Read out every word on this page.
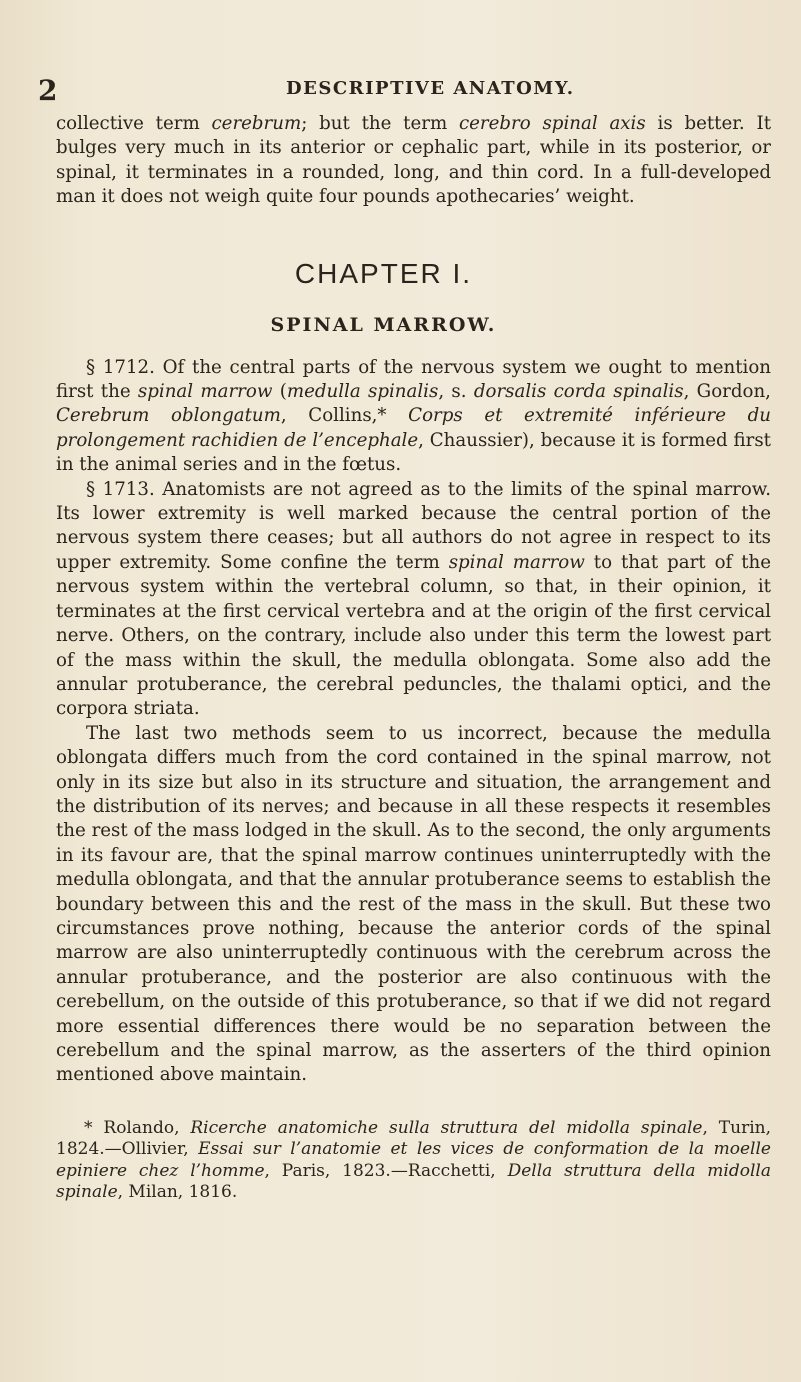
2	DESCRIPTIVE ANATOMY.

collective term cerebrum; but the term cerebro spinal axis is better. It bulges very much in its anterior or cephalic part, while in its posterior, or spinal, it terminates in a rounded, long, and thin cord. In a full-developed man it does not weigh quite four pounds apothecaries’ weight.

CHAPTER I.
SPINAL MARROW.

§ 1712. Of the central parts of the nervous system we ought to mention first the spinal marrow (medulla spinalis, s. dorsalis corda spinalis, Gordon, Cerebrum oblongatum, Collins,* Corps et extremité inférieure du prolongement rachidien de l’encephale, Chaussier), because it is formed first in the animal series and in the fœtus.

§ 1713. Anatomists are not agreed as to the limits of the spinal marrow. Its lower extremity is well marked because the central portion of the nervous system there ceases; but all authors do not agree in respect to its upper extremity. Some confine the term spinal marrow to that part of the nervous system within the vertebral column, so that, in their opinion, it terminates at the first cervical vertebra and at the origin of the first cervical nerve. Others, on the contrary, include also under this term the lowest part of the mass within the skull, the medulla oblongata. Some also add the annular protuberance, the cerebral peduncles, the thalami optici, and the corpora striata.

The last two methods seem to us incorrect, because the medulla oblongata differs much from the cord contained in the spinal marrow, not only in its size but also in its structure and situation, the arrangement and the distribution of its nerves; and because in all these respects it resembles the rest of the mass lodged in the skull. As to the second, the only arguments in its favour are, that the spinal marrow continues uninterruptedly with the medulla oblongata, and that the annular protuberance seems to establish the boundary between this and the rest of the mass in the skull. But these two circumstances prove nothing, because the anterior cords of the spinal marrow are also uninterruptedly continuous with the cerebrum across the annular protuberance, and the posterior are also continuous with the cerebellum, on the outside of this protuberance, so that if we did not regard more essential differences there would be no separation between the cerebellum and the spinal marrow, as the asserters of the third opinion mentioned above maintain.

* Rolando, Ricerche anatomiche sulla struttura del midolla spinale, Turin, 1824.—Ollivier, Essai sur l’anatomie et les vices de conformation de la moelle epiniere chez l’homme, Paris, 1823.—Racchetti, Della struttura della midolla spinale, Milan, 1816.
